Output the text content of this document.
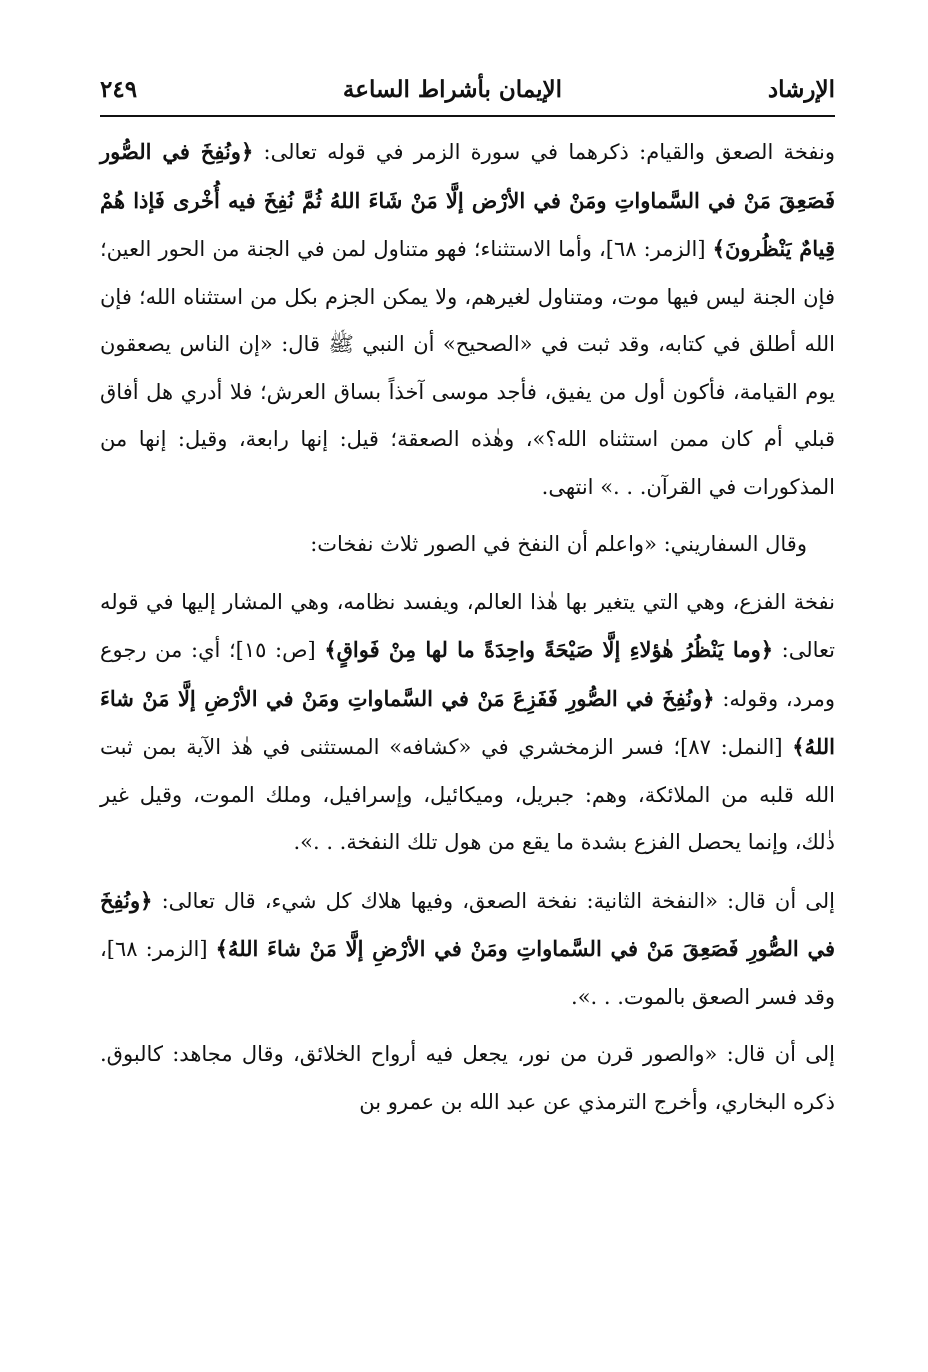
الإرشاد
الإيمان بأشراط الساعة
٢٤٩

ونفخة الصعق والقيام: ذكرهما في سورة الزمر في قوله تعالى: ﴿ونُفِخَ في الصُّور فَصَعِقَ مَنْ في السَّماواتِ ومَنْ في الأرْض إلَّا مَنْ شَاءَ اللهُ ثُمَّ نُفِخَ فيه أُخْرى فَإذا هُمْ قِيامٌ يَنْظُرونَ﴾ [الزمر: ٦٨]، وأما الاستثناء؛ فهو متناول لمن في الجنة من الحور العين؛ فإن الجنة ليس فيها موت، ومتناول لغيرهم، ولا يمكن الجزم بكل من استثناه الله؛ فإن الله أطلق في كتابه، وقد ثبت في «الصحيح» أن النبي ﷺ قال: «إن الناس يصعقون يوم القيامة، فأكون أول من يفيق، فأجد موسى آخذاً بساق العرش؛ فلا أدري هل أفاق قبلي أم كان ممن استثناه الله؟»، وهٰذه الصعقة؛ قيل: إنها رابعة، وقيل: إنها من المذكورات في القرآن. . .» انتهى.

وقال السفاريني: «واعلم أن النفخ في الصور ثلاث نفخات:

نفخة الفزع، وهي التي يتغير بها هٰذا العالم، ويفسد نظامه، وهي المشار إليها في قوله تعالى: ﴿وما يَنْظُرُ هٰؤلاءِ إلَّا صَيْحَةً واحِدَةً ما لها مِنْ فَواقٍ﴾ [ص: ١٥]؛ أي: من رجوع ومرد، وقوله: ﴿ونُفِخَ في الصُّورِ فَفَزِعَ مَنْ في السَّماواتِ ومَنْ في الأرْضِ إلَّا مَنْ شاءَ اللهُ﴾ [النمل: ٨٧]؛ فسر الزمخشري في «كشافه» المستثنى في هٰذ الآية بمن ثبت الله قلبه من الملائكة، وهم: جبريل، وميكائيل، وإسرافيل، وملك الموت، وقيل غير ذٰلك، وإنما يحصل الفزع بشدة ما يقع من هول تلك النفخة. . .».

إلى أن قال: «النفخة الثانية: نفخة الصعق، وفيها هلاك كل شيء، قال تعالى: ﴿ونُفِخَ في الصُّورِ فَصَعِقَ مَنْ في السَّماواتِ ومَنْ في الأرْضِ إلَّا مَنْ شاءَ اللهُ﴾ [الزمر: ٦٨]، وقد فسر الصعق بالموت. . .».

إلى أن قال: «والصور قرن من نور، يجعل فيه أرواح الخلائق، وقال مجاهد: كالبوق. ذكره البخاري، وأخرج الترمذي عن عبد الله بن عمرو بن
